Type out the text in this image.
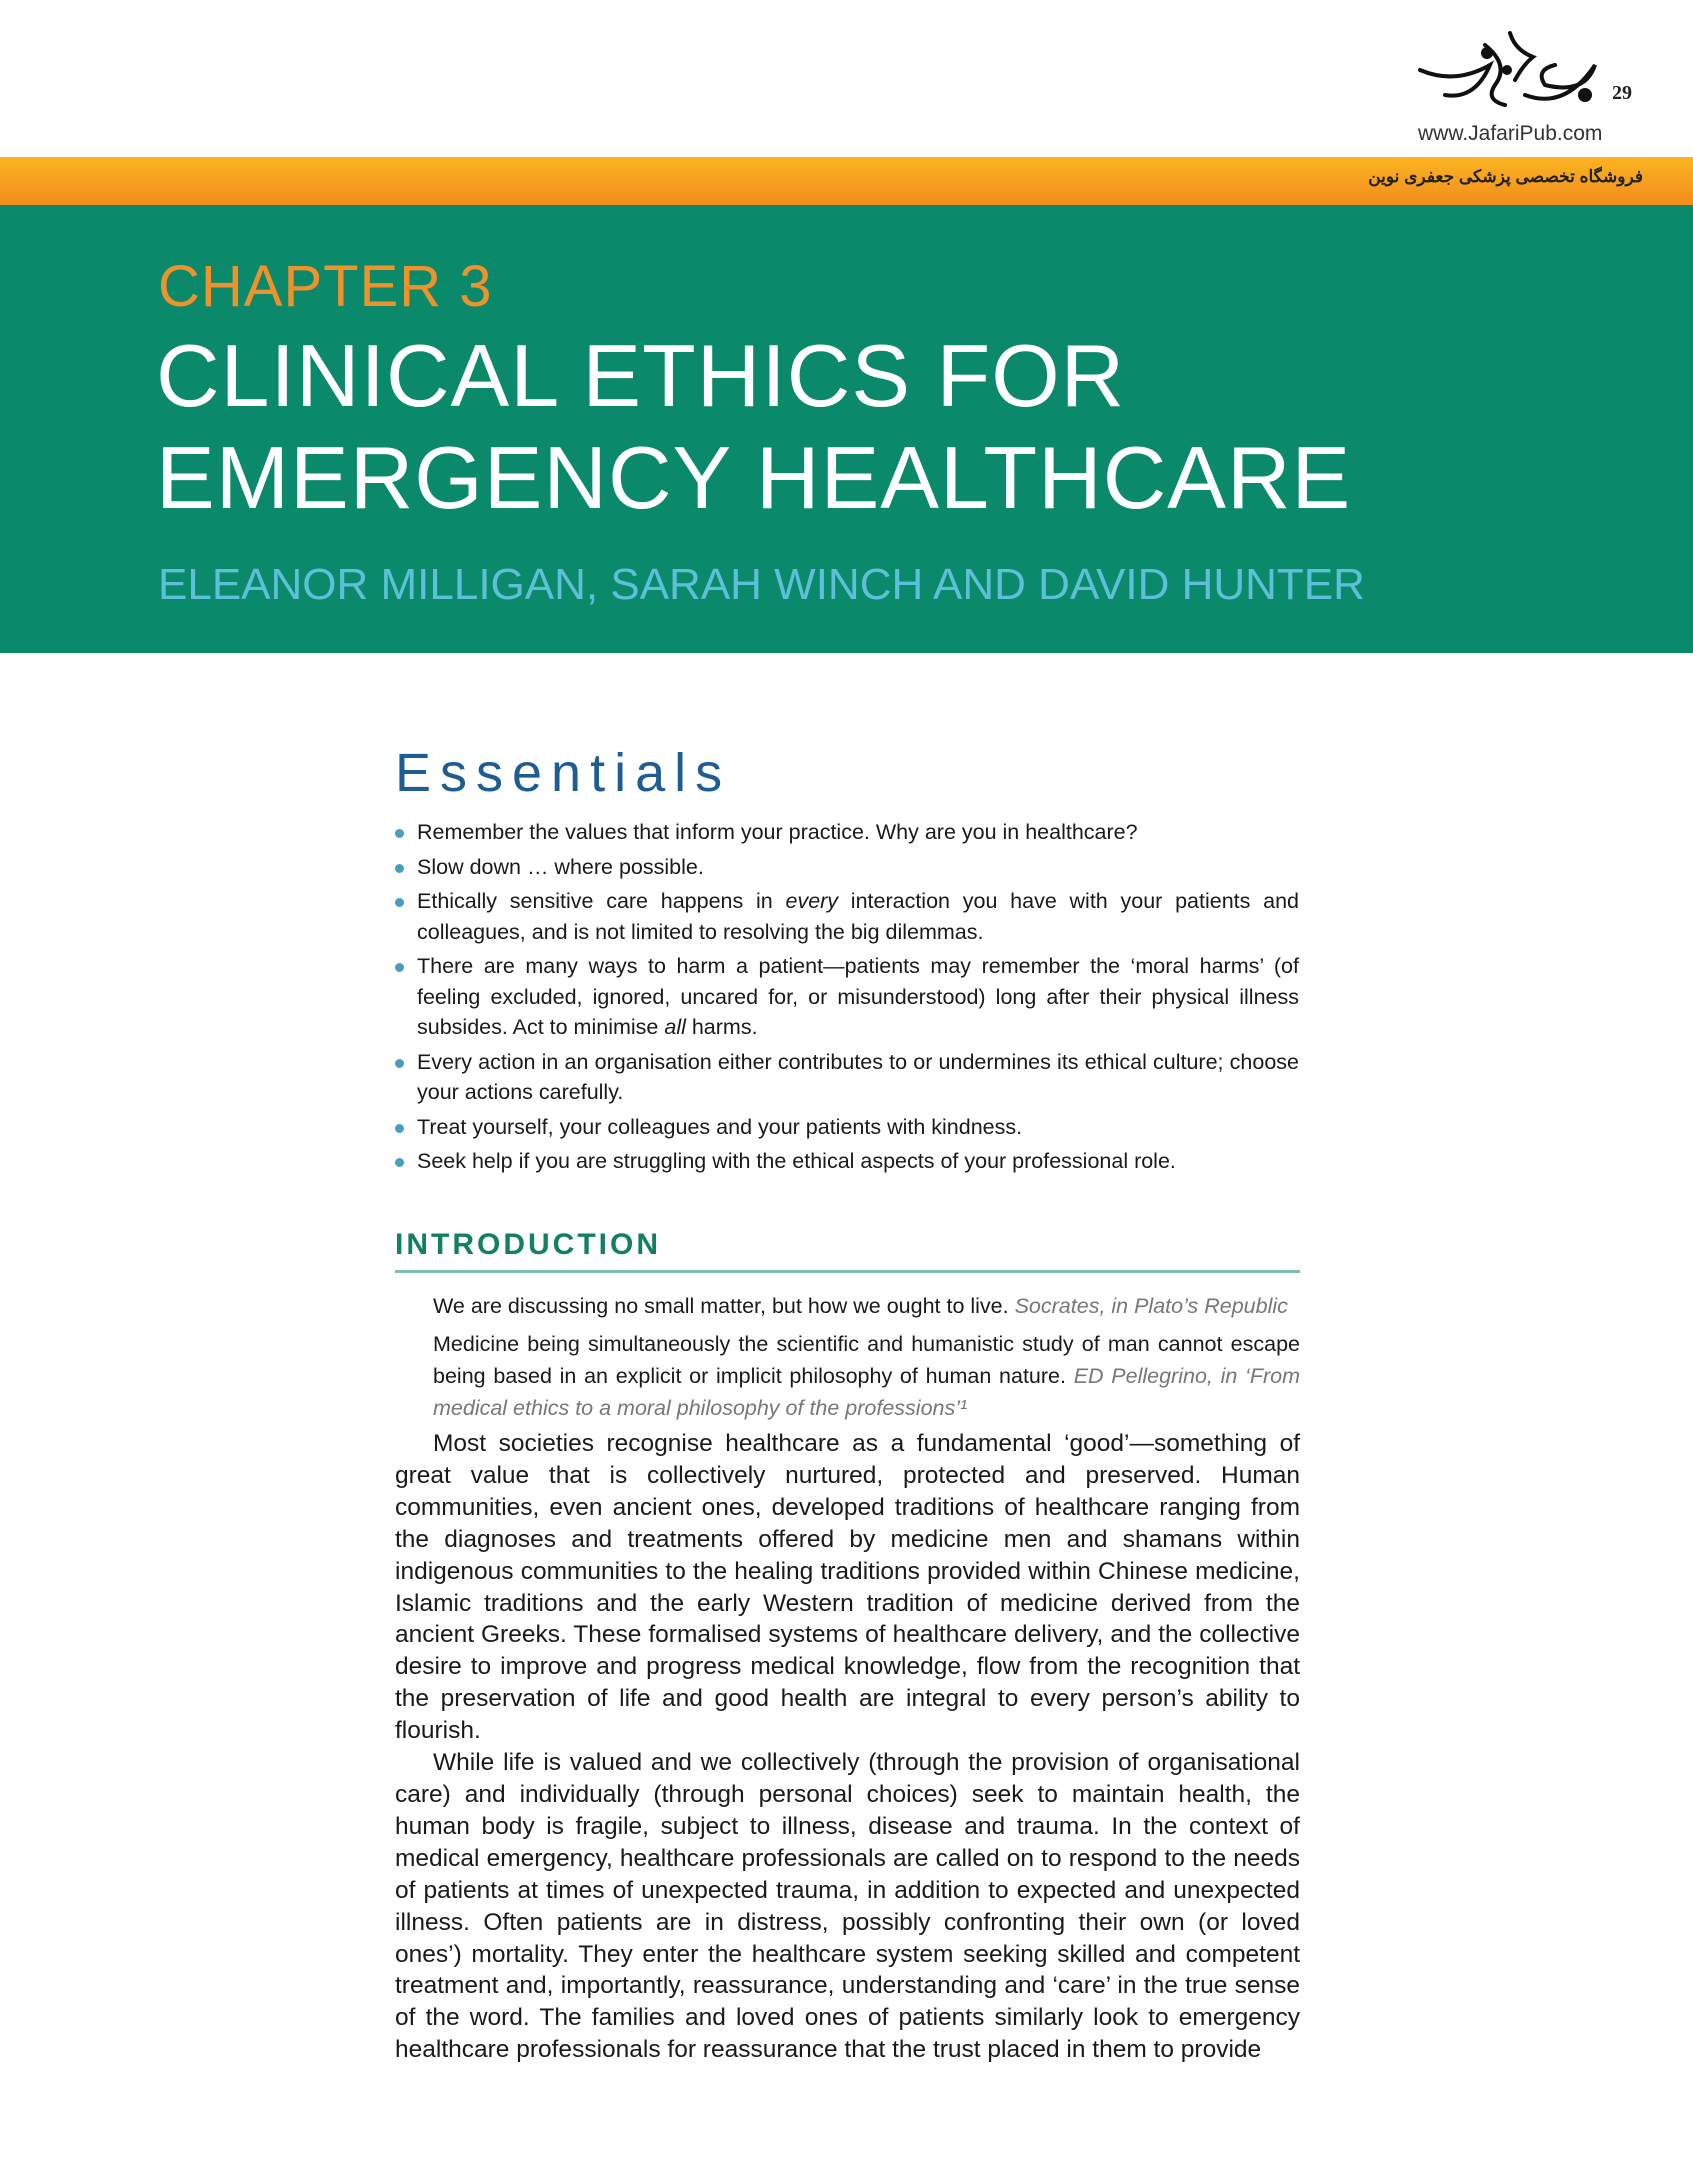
29
www.JafariPub.com
فروشگاه تخصصی پزشکی جعفری نوین
CHAPTER 3
CLINICAL ETHICS FOR
EMERGENCY HEALTHCARE
ELEANOR MILLIGAN, SARAH WINCH AND DAVID HUNTER
Essentials
Remember the values that inform your practice. Why are you in healthcare?
Slow down … where possible.
Ethically sensitive care happens in every interaction you have with your patients and colleagues, and is not limited to resolving the big dilemmas.
There are many ways to harm a patient—patients may remember the ‘moral harms’ (of feeling excluded, ignored, uncared for, or misunderstood) long after their physical illness subsides. Act to minimise all harms.
Every action in an organisation either contributes to or undermines its ethical culture; choose your actions carefully.
Treat yourself, your colleagues and your patients with kindness.
Seek help if you are struggling with the ethical aspects of your professional role.
INTRODUCTION

We are discussing no small matter, but how we ought to live. Socrates, in Plato’s Republic

Medicine being simultaneously the scientific and humanistic study of man cannot escape being based in an explicit or implicit philosophy of human nature. ED Pellegrino, in ‘From medical ethics to a moral philosophy of the professions’¹

Most societies recognise healthcare as a fundamental ‘good’—something of great value that is collectively nurtured, protected and preserved. Human communities, even ancient ones, developed traditions of healthcare ranging from the diagnoses and treatments offered by medicine men and shamans within indigenous communities to the healing traditions provided within Chinese medicine, Islamic traditions and the early Western tradition of medicine derived from the ancient Greeks. These formalised systems of healthcare delivery, and the collective desire to improve and progress medical knowledge, flow from the recognition that the preservation of life and good health are integral to every person’s ability to flourish.

While life is valued and we collectively (through the provision of organisational care) and individually (through personal choices) seek to maintain health, the human body is fragile, subject to illness, disease and trauma. In the context of medical emergency, healthcare professionals are called on to respond to the needs of patients at times of unexpected trauma, in addition to expected and unexpected illness. Often patients are in distress, possibly confronting their own (or loved ones’) mortality. They enter the healthcare system seeking skilled and competent treatment and, importantly, reassurance, understanding and ‘care’ in the true sense of the word. The families and loved ones of patients similarly look to emergency healthcare professionals for reassurance that the trust placed in them to provide
